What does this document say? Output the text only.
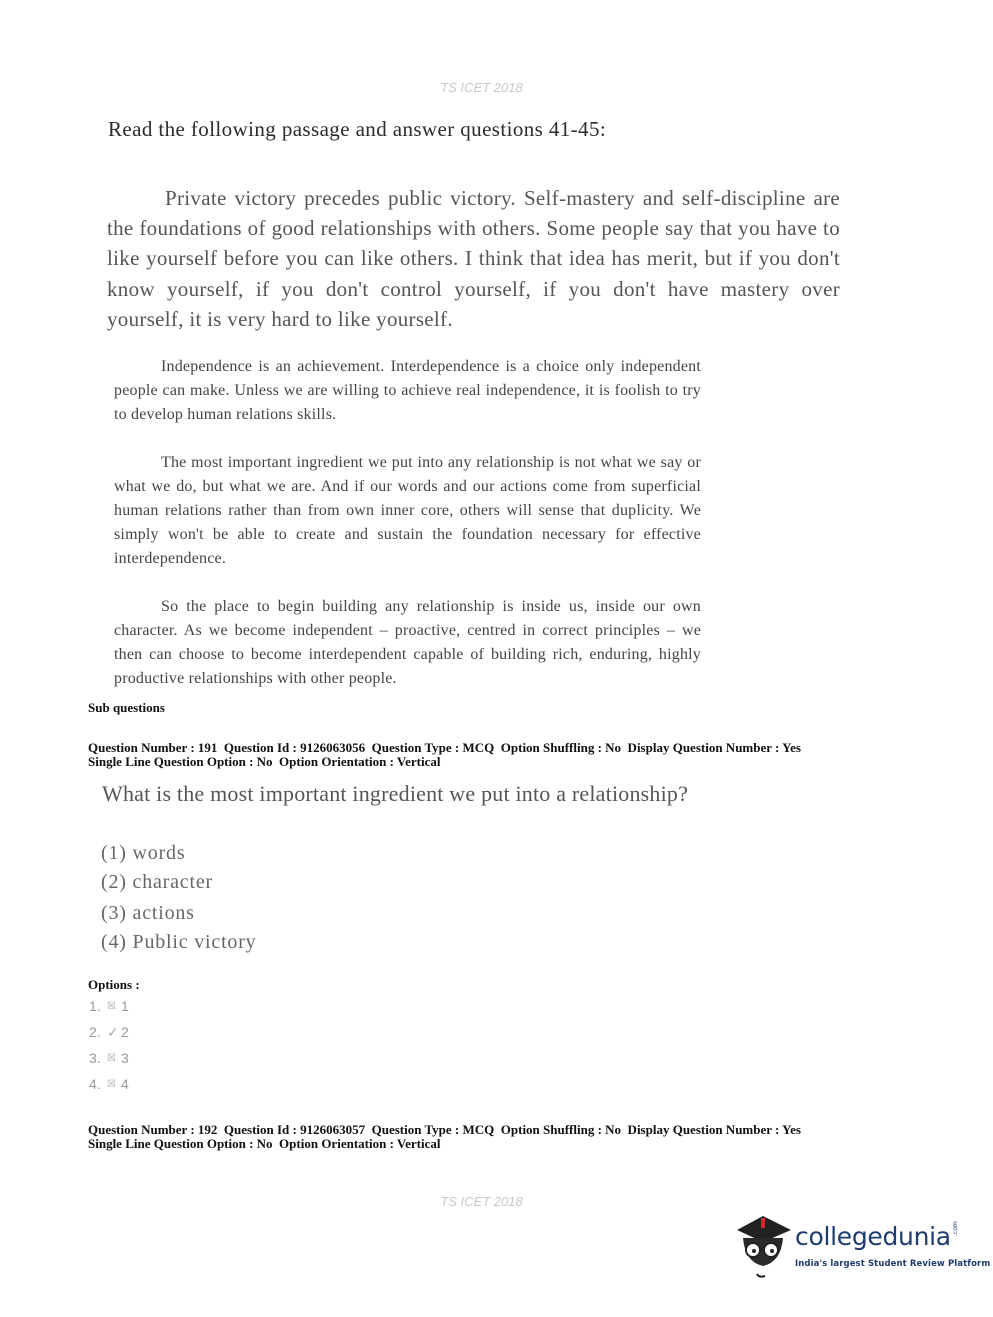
TS ICET 2018
Read the following passage and answer questions 41-45:
Private victory precedes public victory. Self-mastery and self-discipline are the foundations of good relationships with others. Some people say that you have to like yourself before you can like others. I think that idea has merit, but if you don't know yourself, if you don't control yourself, if you don't have mastery over yourself, it is very hard to like yourself.
Independence is an achievement. Interdependence is a choice only independent people can make. Unless we are willing to achieve real independence, it is foolish to try to develop human relations skills.
The most important ingredient we put into any relationship is not what we say or what we do, but what we are. And if our words and our actions come from superficial human relations rather than from own inner core, others will sense that duplicity. We simply won't be able to create and sustain the foundation necessary for effective interdependence.
So the place to begin building any relationship is inside us, inside our own character. As we become independent – proactive, centred in correct principles – we then can choose to become interdependent capable of building rich, enduring, highly productive relationships with other people.
Sub questions
Question Number : 191  Question Id : 9126063056  Question Type : MCQ  Option Shuffling : No  Display Question Number : Yes
Single Line Question Option : No  Option Orientation : Vertical
What is the most important ingredient we put into a relationship?
(1) words
(2) character
(3) actions
(4) Public victory
Options :
1. ☒ 1
2. ✓ 2
3. ☒ 3
4. ☒ 4
Question Number : 192  Question Id : 9126063057  Question Type : MCQ  Option Shuffling : No  Display Question Number : Yes
Single Line Question Option : No  Option Orientation : Vertical
TS ICET 2018
collegedunia .com
India's largest Student Review Platform
